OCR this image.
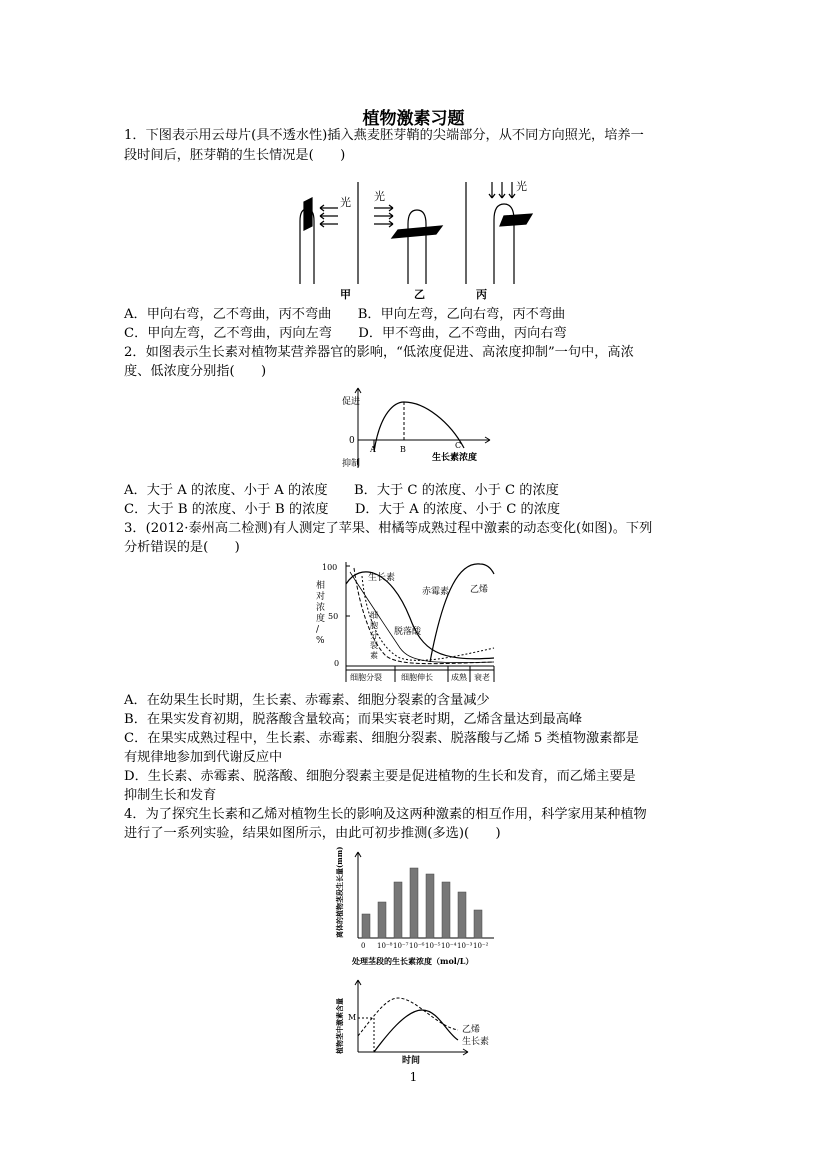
植物激素习题
1．下图表示用云母片(具不透水性)插入燕麦胚芽鞘的尖端部分，从不同方向照光，培养一
段时间后，胚芽鞘的生长情况是(　　)
光 光
光
甲	乙	丙
A．甲向右弯，乙不弯曲，丙不弯曲　　B．甲向左弯，乙向右弯，丙不弯曲
C．甲向左弯，乙不弯曲，丙向左弯　　D．甲不弯曲，乙不弯曲，丙向右弯
2．如图表示生长素对植物某营养器官的影响，“低浓度促进、高浓度抑制”一句中，高浓
度、低浓度分别指(　　)
促进
抑制
0
A	B	C
生长素浓度
A．大于 A 的浓度、小于 A 的浓度　　B．大于 C 的浓度、小于 C 的浓度
C．大于 B 的浓度、小于 B 的浓度　　D．大于 A 的浓度、小于 C 的浓度
3．(2012·泰州高二检测)有人测定了苹果、柑橘等成熟过程中激素的动态变化(如图)。下列
分析错误的是(　　)
100
50
0
相
对
浓
度
/
%
生长素
赤霉素 乙烯
脱落酸
细
胞
分
裂
素
细胞分裂 细胞伸长 成熟 衰老
A．在幼果生长时期，生长素、赤霉素、细胞分裂素的含量减少
B．在果实发育初期，脱落酸含量较高；而果实衰老时期，乙烯含量达到最高峰
C．在果实成熟过程中，生长素、赤霉素、细胞分裂素、脱落酸与乙烯 5 类植物激素都是
有规律地参加到代谢反应中
D．生长素、赤霉素、脱落酸、细胞分裂素主要是促进植物的生长和发育，而乙烯主要是
抑制生长和发育
4．为了探究生长素和乙烯对植物生长的影响及这两种激素的相互作用，科学家用某种植物
进行了一系列实验，结果如图所示，由此可初步推测(多选)(　　)
0 10⁻⁸ 10⁻⁷ 10⁻⁶ 10⁻⁵ 10⁻⁴ 10⁻³ 10⁻²
离体的植物茎段生长量(mm)
处理茎段的生长素浓度（mol/L）
植物茎中激素含量 M
乙烯
生长素
时间
1
